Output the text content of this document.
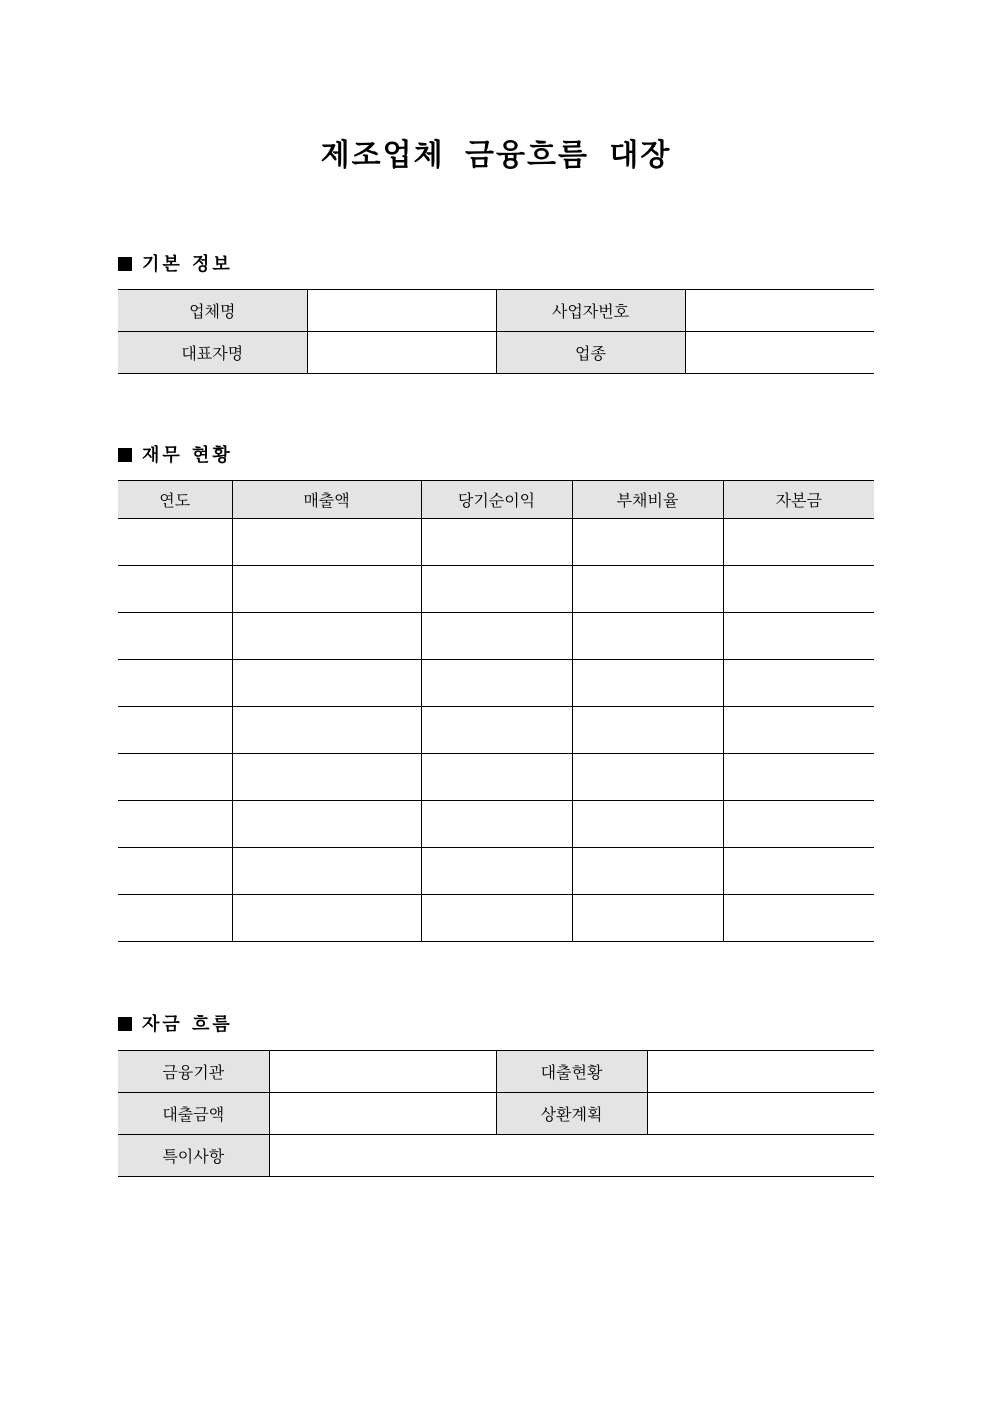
제조업체 금융흐름 대장
기본 정보
업체명		사업자번호	
대표자명		업종	
재무 현황
연도	매출액	당기순이익	부채비율	자본금

자금 흐름
금융기관		대출현황	
대출금액		상환계획	
특이사항			
